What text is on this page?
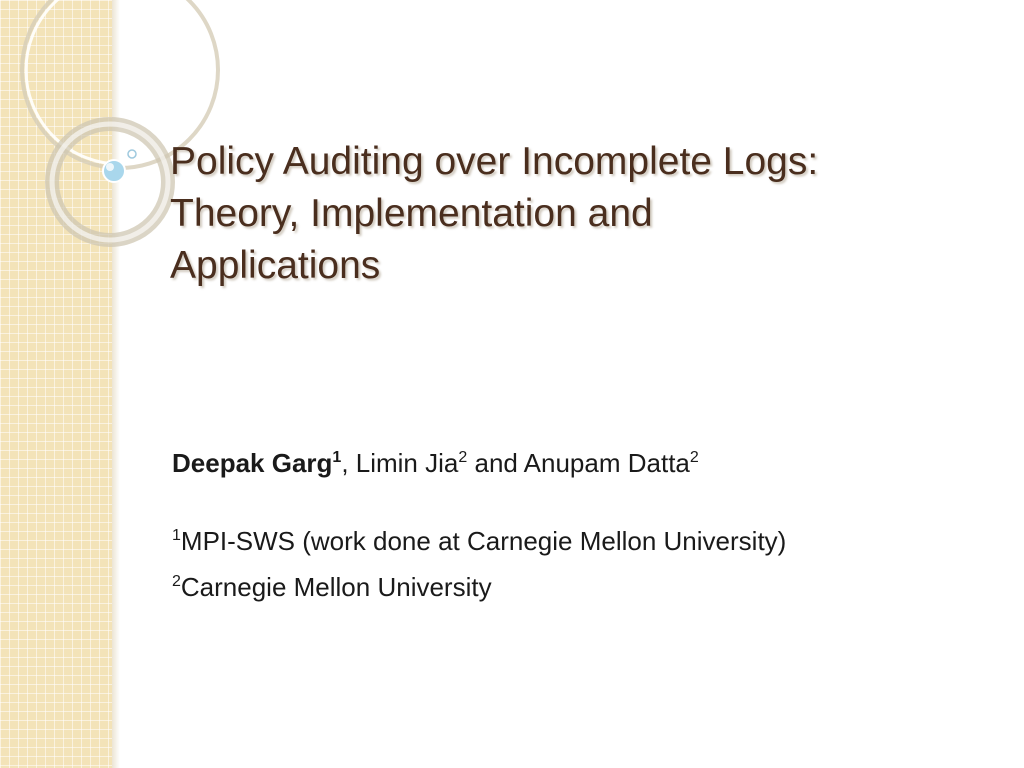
Policy Auditing over Incomplete Logs:
Theory, Implementation and
Applications

Deepak Garg$^1$, Limin Jia$^2$ and Anupam Datta$^2$

$^1$MPI-SWS (work done at Carnegie Mellon University)

$^2$Carnegie Mellon University
